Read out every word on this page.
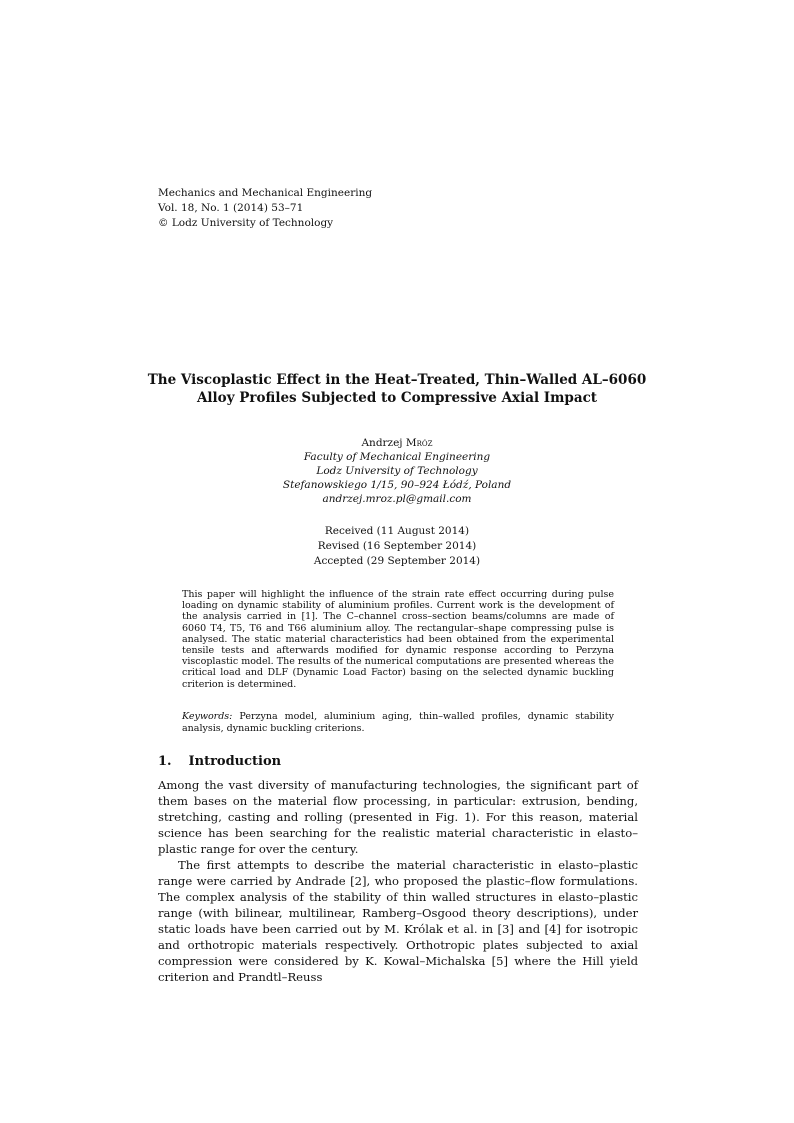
Mechanics and Mechanical Engineering
Vol. 18, No. 1 (2014) 53–71
© Lodz University of Technology
The Viscoplastic Effect in the Heat–Treated, Thin–Walled AL–6060
Alloy Profiles Subjected to Compressive Axial Impact
Andrzej Mróz
Faculty of Mechanical Engineering
Lodz University of Technology
Stefanowskiego 1/15, 90–924 Łódź, Poland
andrzej.mroz.pl@gmail.com
Received (11 August 2014)
Revised (16 September 2014)
Accepted (29 September 2014)
This paper will highlight the influence of the strain rate effect occurring during pulse loading on dynamic stability of aluminium profiles. Current work is the development of the analysis carried in [1]. The C–channel cross–section beams/columns are made of 6060 T4, T5, T6 and T66 aluminium alloy. The rectangular–shape compressing pulse is analysed. The static material characteristics had been obtained from the experimental tensile tests and afterwards modified for dynamic response according to Perzyna viscoplastic model. The results of the numerical computations are presented whereas the critical load and DLF (Dynamic Load Factor) basing on the selected dynamic buckling criterion is determined.
Keywords: Perzyna model, aluminium aging, thin–walled profiles, dynamic stability analysis, dynamic buckling criterions.
1. Introduction

Among the vast diversity of manufacturing technologies, the significant part of them bases on the material flow processing, in particular: extrusion, bending, stretching, casting and rolling (presented in Fig. 1). For this reason, material science has been searching for the realistic material characteristic in elasto–plastic range for over the century.

The first attempts to describe the material characteristic in elasto–plastic range were carried by Andrade [2], who proposed the plastic–flow formulations. The complex analysis of the stability of thin walled structures in elasto–plastic range (with bilinear, multilinear, Ramberg–Osgood theory descriptions), under static loads have been carried out by M. Królak et al. in [3] and [4] for isotropic and orthotropic materials respectively. Orthotropic plates subjected to axial compression were considered by K. Kowal–Michalska [5] where the Hill yield criterion and Prandtl–Reuss
